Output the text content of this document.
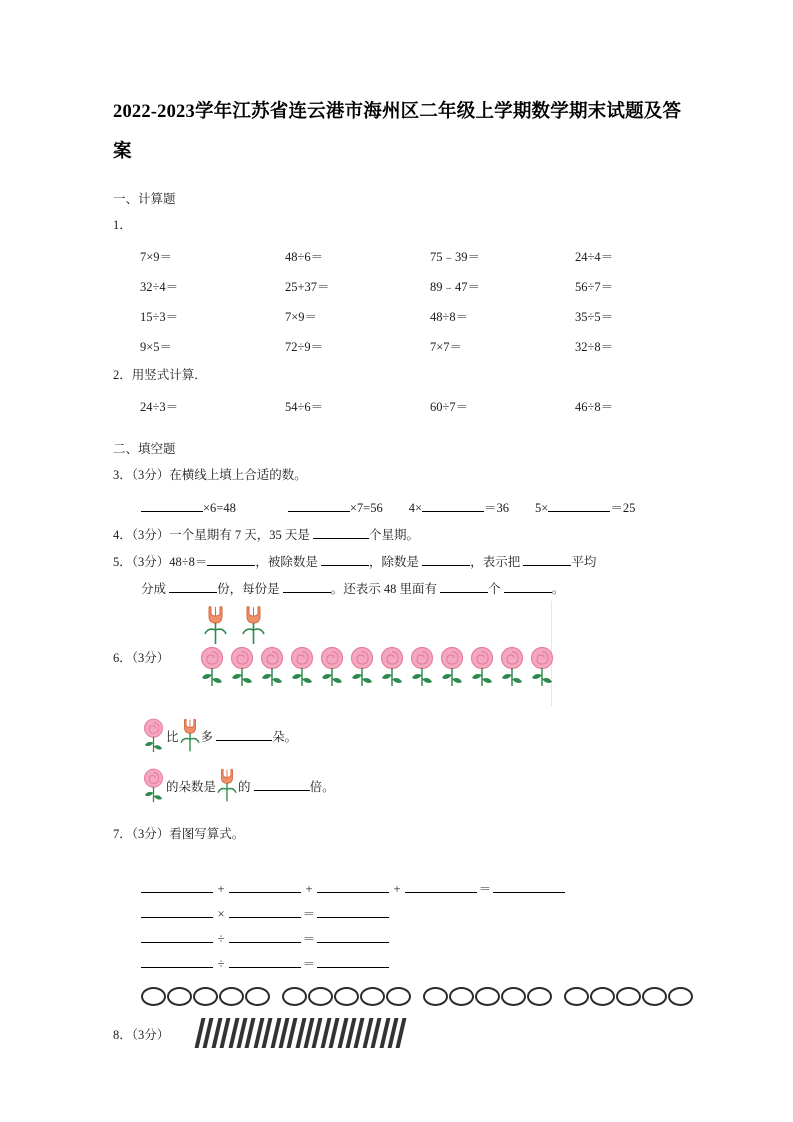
2022-2023学年江苏省连云港市海州区二年级上学期数学期末试题及答案
一、计算题
1．
7×9＝	48÷6＝	75﹣39＝	24÷4＝
32÷4＝	25+37＝	89﹣47＝	56÷7＝
15÷3＝	7×9＝	48÷8＝	35÷5＝
9×5＝	72÷9＝	7×7＝	32÷8＝
2．用竖式计算．
24÷3＝	54÷6＝	60÷7＝	46÷8＝
二、填空题
3．（3分）在横线上填上合适的数。
×6=48	×7=56 4×	＝36 5×	＝25
4．（3分）一个星期有 7 天，35 天是	个星期。
5．（3分）48÷8＝	，被除数是	，除数是	，表示把	平均
分成	份，每份是	。还表示 48 里面有	个	。
6．（3分）
比 多	朵。
的朵数是 的	倍。
7．（3分）看图写算式。
+	+	+	＝
×	＝
÷	＝
÷	＝
8．（3分）
